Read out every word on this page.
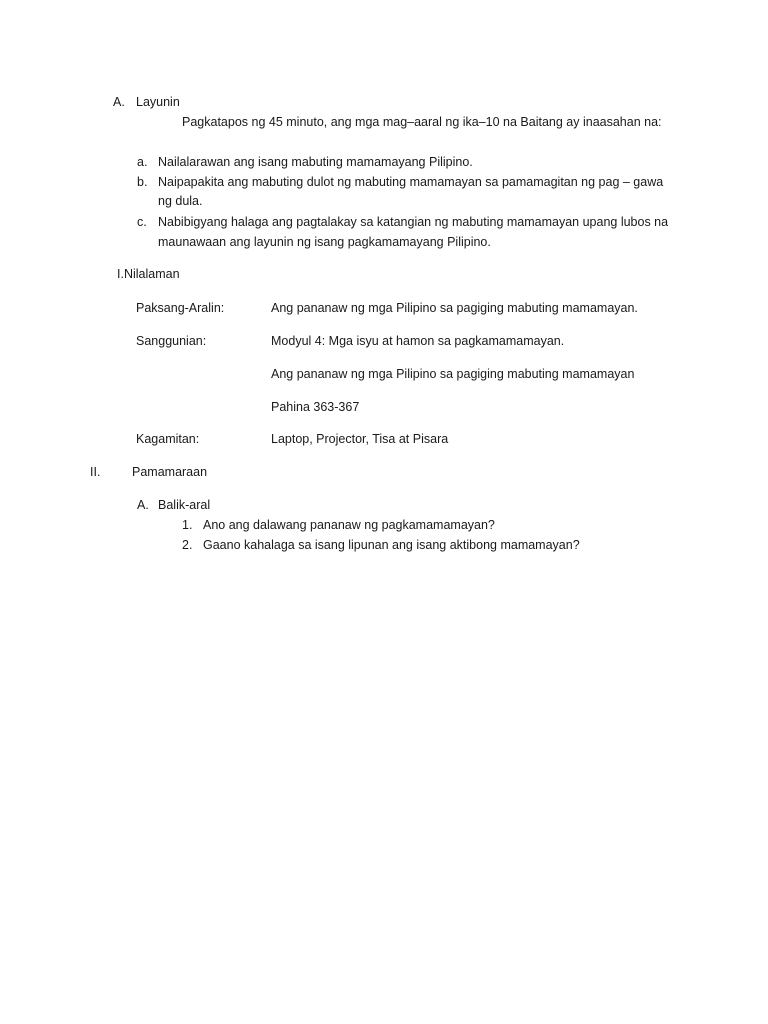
A. Layunin
Pagkatapos ng 45 minuto, ang mga mag–aaral ng ika–10 na Baitang ay inaasahan na:
a. Nailalarawan ang isang mabuting mamamayang Pilipino.
b. Naipapakita ang mabuting dulot ng mabuting mamamayan sa pamamagitan ng pag – gawa
ng dula.
c. Nabibigyang halaga ang pagtalakay sa katangian ng mabuting mamamayan upang lubos na
maunawaan ang layunin ng isang pagkamamayang Pilipino.
I.Nilalaman
Paksang-Aralin:	Ang pananaw ng mga Pilipino sa pagiging mabuting mamamayan.
Sanggunian:	Modyul 4: Mga isyu at hamon sa pagkamamamayan.
Ang pananaw ng mga Pilipino sa pagiging mabuting mamamayan
Pahina 363-367
Kagamitan:	Laptop, Projector, Tisa at Pisara
II.	Pamamaraan
A. Balik-aral
1. Ano ang dalawang pananaw ng pagkamamamayan?
2. Gaano kahalaga sa isang lipunan ang isang aktibong mamamayan?
